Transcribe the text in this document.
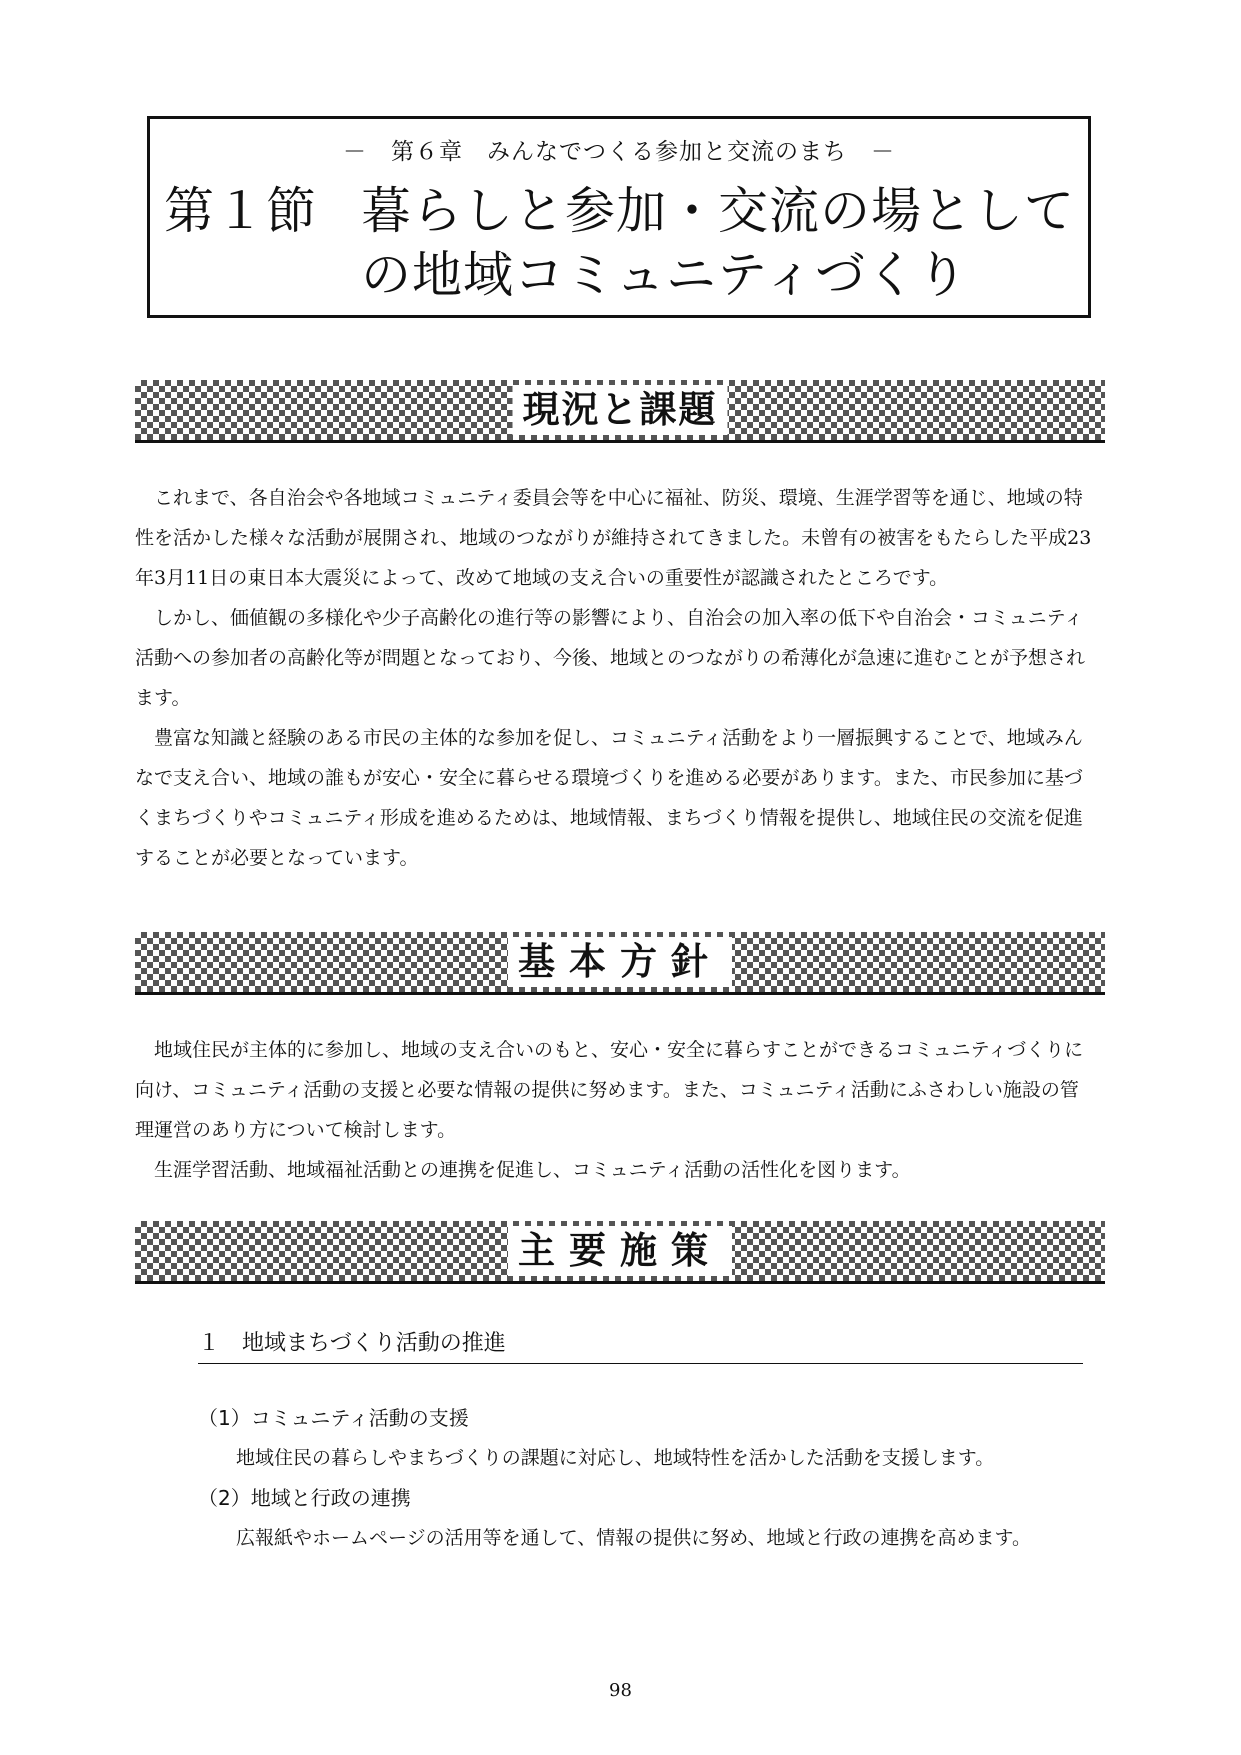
－　第６章　みんなでつくる参加と交流のまち　－
第１節 暮らしと参加・交流の場として
の地域コミュニティづくり
現況と課題

これまで、各自治会や各地域コミュニティ委員会等を中心に福祉、防災、環境、生涯学習等を通じ、地域の特性を活かした様々な活動が展開され、地域のつながりが維持されてきました。未曾有の被害をもたらした平成23年3月11日の東日本大震災によって、改めて地域の支え合いの重要性が認識されたところです。

しかし、価値観の多様化や少子高齢化の進行等の影響により、自治会の加入率の低下や自治会・コミュニティ活動への参加者の高齢化等が問題となっており、今後、地域とのつながりの希薄化が急速に進むことが予想されます。

豊富な知識と経験のある市民の主体的な参加を促し、コミュニティ活動をより一層振興することで、地域みんなで支え合い、地域の誰もが安心・安全に暮らせる環境づくりを進める必要があります。また、市民参加に基づくまちづくりやコミュニティ形成を進めるためは、地域情報、まちづくり情報を提供し、地域住民の交流を促進することが必要となっています。

基本方針

地域住民が主体的に参加し、地域の支え合いのもと、安心・安全に暮らすことができるコミュニティづくりに向け、コミュニティ活動の支援と必要な情報の提供に努めます。また、コミュニティ活動にふさわしい施設の管理運営のあり方について検討します。

生涯学習活動、地域福祉活動との連携を促進し、コミュニティ活動の活性化を図ります。

主要施策
１　地域まちづくり活動の推進
（1）コミュニティ活動の支援
地域住民の暮らしやまちづくりの課題に対応し、地域特性を活かした活動を支援します。
（2）地域と行政の連携
広報紙やホームページの活用等を通して、情報の提供に努め、地域と行政の連携を高めます。
98
